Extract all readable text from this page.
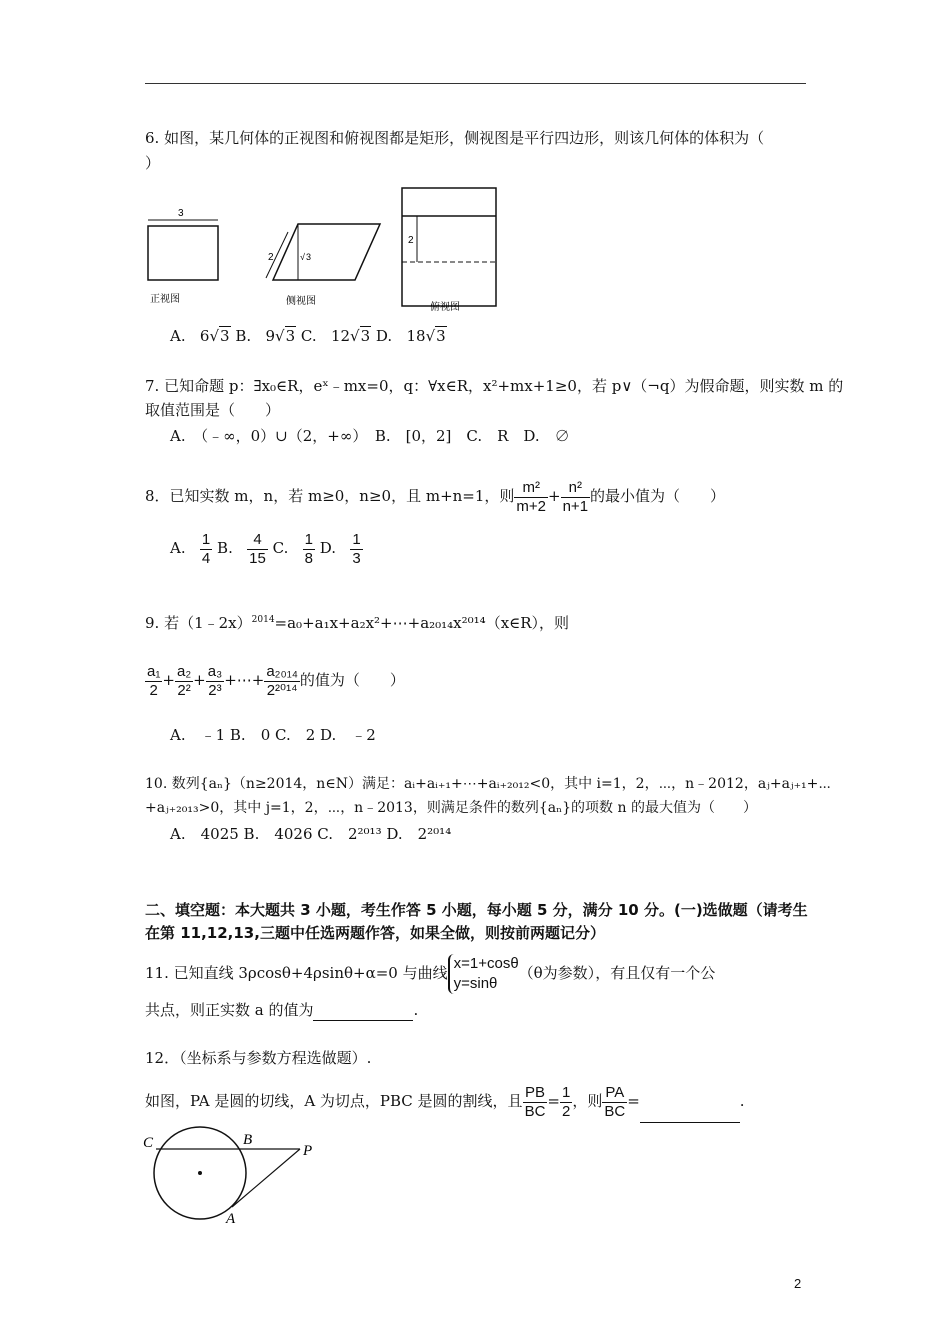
6. 如图，某几何体的正视图和俯视图都是矩形，侧视图是平行四边形，则该几何体的体积为（
）
3
正视图
2	√ 3
侧视图
2
俯视图
A. 6√3 B. 9√3 C. 12√3 D. 18√3
7. 已知命题 p：∃x₀∈R，eˣ﹣mx=0，q：∀x∈R，x²+mx+1≥0，若 p∨（¬q）为假命题，则实数 m 的
取值范围是（　　）
A.　（﹣∞，0）∪（2，+∞）　B.　[0，2]　C.　R　D.　∅
8．已知实数 m，n，若 m≥0，n≥0，且 m+n=1，则 $\frac{\text{m²}}{m+2} + \frac{\text{n²}}{n+1}$ 的最小值为（　　）
A. $\frac{1}{4} B$. $\frac{4}{15} C$. $\frac{1}{8} D$. $\frac{1}{3}$
9. 若（1﹣2x）$^{2014}$=a₀+a₁x+a₂x²+⋯+a₂₀₁₄x²⁰¹⁴（x∈R），则
$\frac{\text{a₁}}{2} + \frac{\text{a₂}}{\text{2²}} + \frac{\text{a₃}}{\text{2³}}$ +⋯+ $\frac{\text{a₂₀₁₄}}{\text{2²⁰¹⁴}}$ 的值为（　　）
A.　﹣1 B.　0 C.　2 D.　﹣2
10. 数列{aₙ}（n≥2014，n∈N）满足：aᵢ+aᵢ₊₁+⋯+aᵢ₊₂₀₁₂<0，其中 i=1，2，⋯，n﹣2012，aⱼ+aⱼ₊₁+⋯
+aⱼ₊₂₀₁₃>0，其中 j=1，2，⋯，n﹣2013，则满足条件的数列{aₙ}的项数 n 的最大值为（　　）
A.　4025 B.　4026 C.　2²⁰¹³ D.　2²⁰¹⁴
二、填空题：本大题共 3 小题，考生作答 5 小题，每小题 5 分，满分 10 分。(一)选做题（请考生
在第 11,12,13,三题中任选两题作答，如果全做，则按前两题记分）
11. 已知直线 3ρcosθ+4ρsinθ+α=0 与曲线
x=1+cosθ
y=sinθ
（θ为参数），有且仅有一个公
共点，则正实数 a 的值为	.
12．（坐标系与参数方程选做题）.
如图，PA 是圆的切线，A 为切点，PBC 是圆的割线，且 $\frac{PB}{BC} = \frac{1}{2}$ ，则 $\frac{PA}{BC}$ =	.
C	B
P
A
2
